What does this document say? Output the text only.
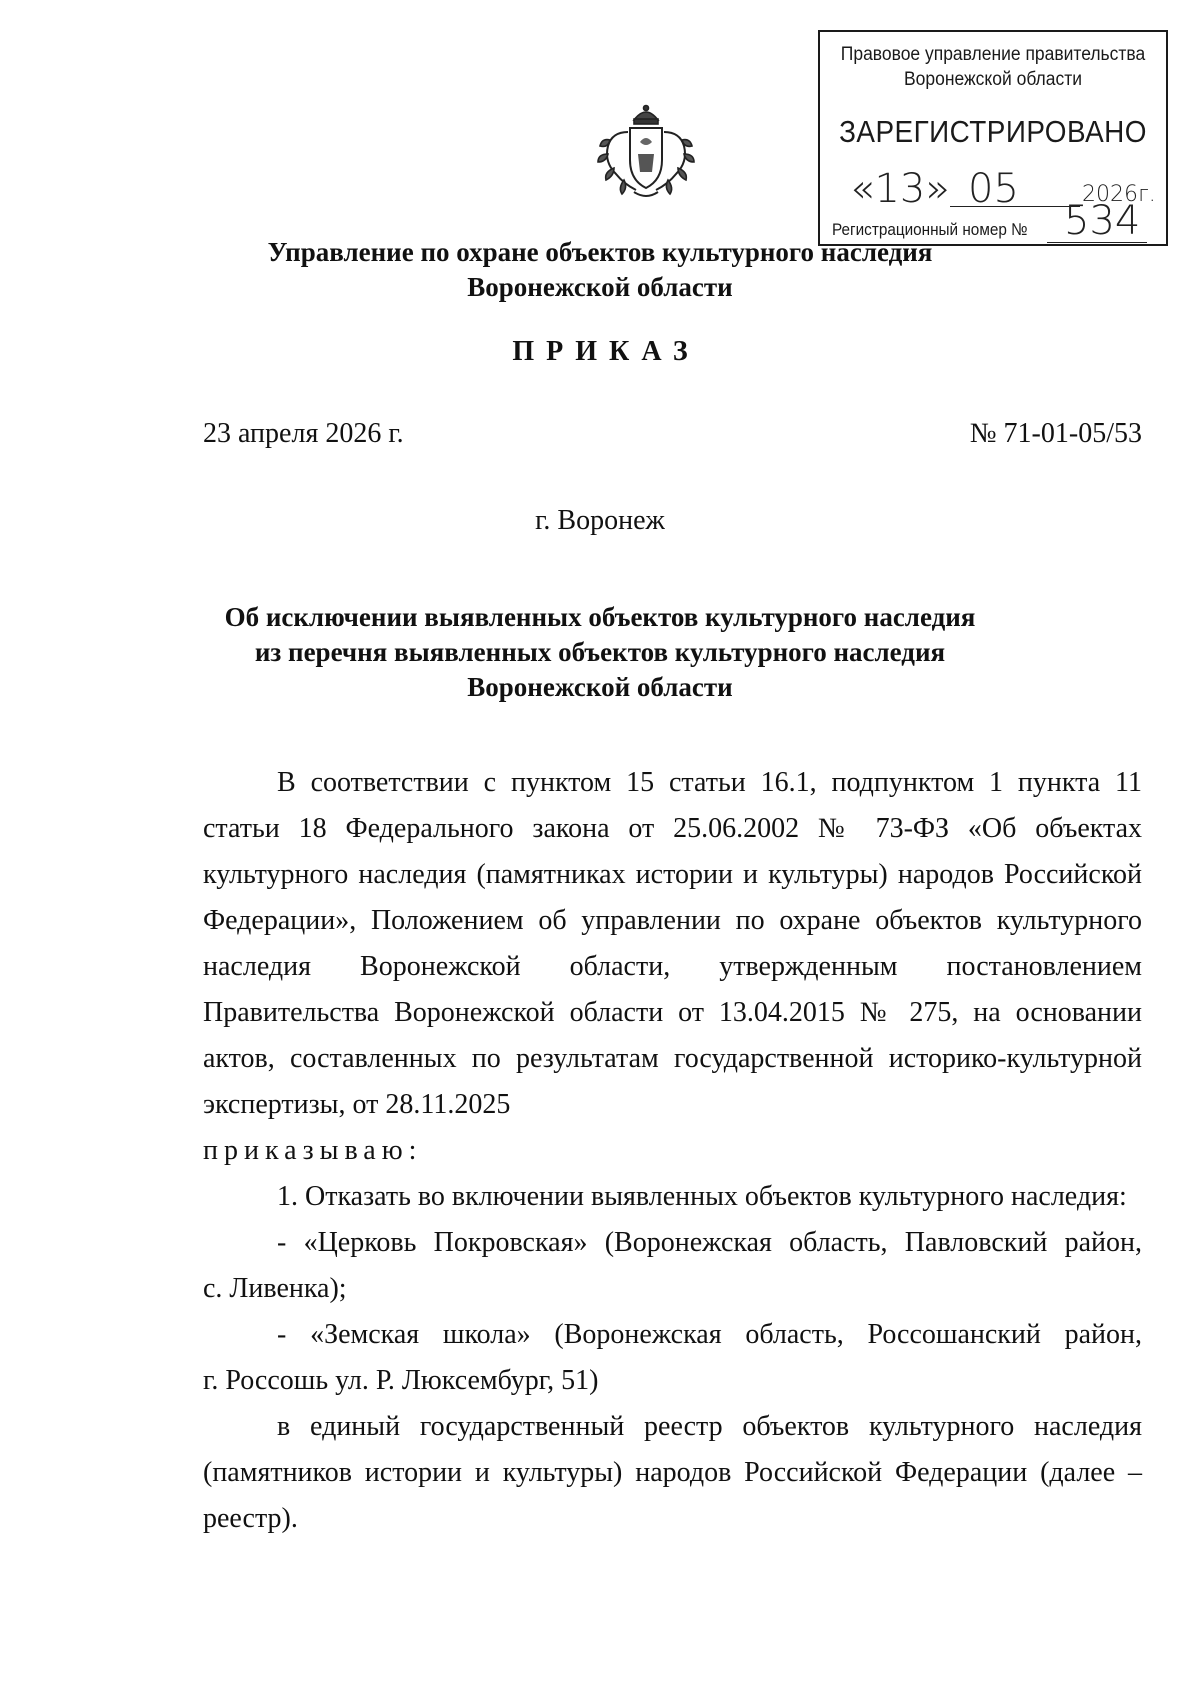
Правовое управление правительства
Воронежской области
ЗАРЕГИСТРИРОВАНО
«13» 05	2026г.
Регистрационный номер № 534
Управление по охране объектов культурного наследия
Воронежской области
ПРИКАЗ
23 апреля 2026 г.	№ 71-01-05/53
г. Воронеж
Об исключении выявленных объектов культурного наследия
из перечня выявленных объектов культурного наследия
Воронежской области
В соответствии с пунктом 15 статьи 16.1, подпунктом 1 пункта 11
статьи 18 Федерального закона от 25.06.2002 № 73-ФЗ «Об объектах
культурного наследия (памятниках истории и культуры) народов Российской
Федерации», Положением об управлении по охране объектов культурного
наследия Воронежской области, утвержденным постановлением
Правительства Воронежской области от 13.04.2015 № 275, на основании
актов, составленных по результатам государственной историко-культурной
экспертизы, от 28.11.2025
приказываю:
1. Отказать во включении выявленных объектов культурного наследия:
- «Церковь Покровская» (Воронежская область, Павловский район,
с. Ливенка);
- «Земская школа» (Воронежская область, Россошанский район,
г. Россошь ул. Р. Люксембург, 51)
в единый государственный реестр объектов культурного наследия
(памятников истории и культуры) народов Российской Федерации (далее –
реестр).
